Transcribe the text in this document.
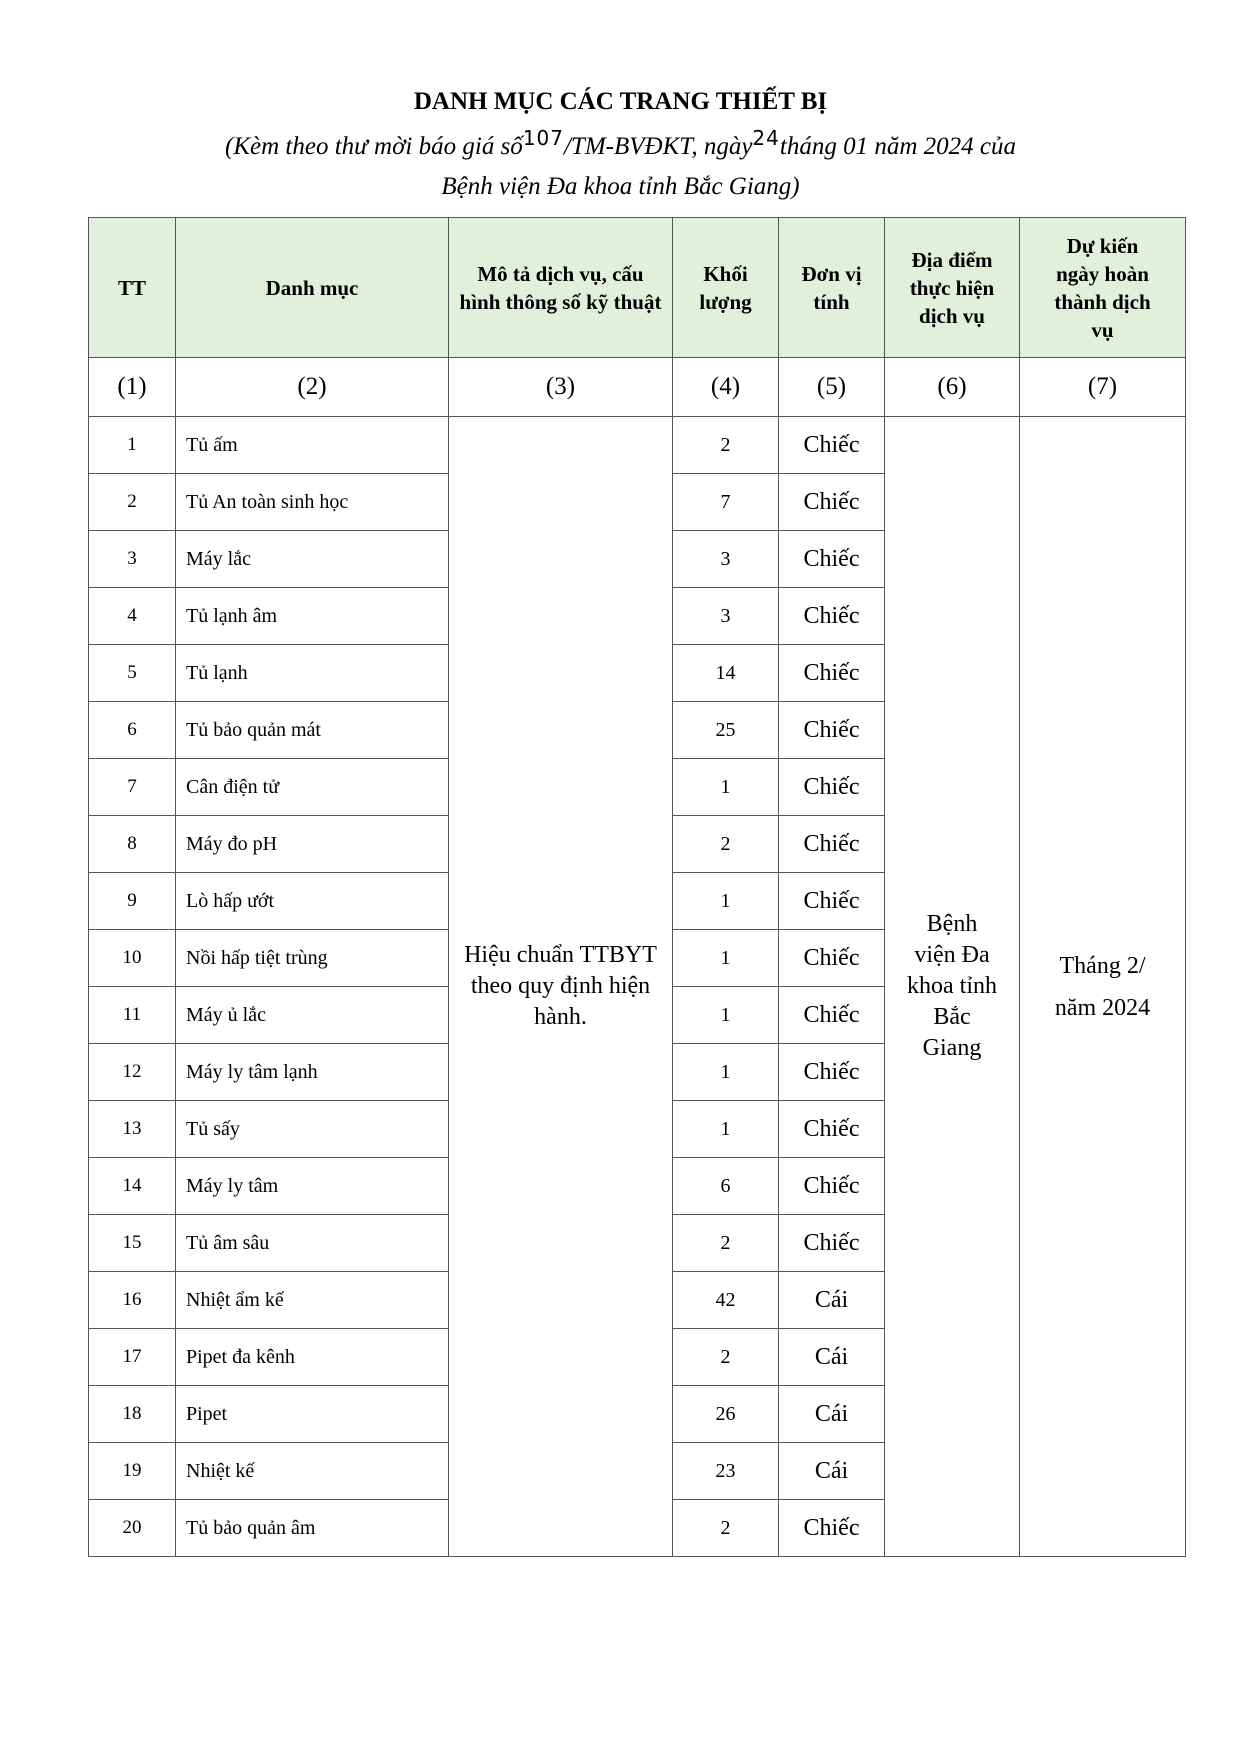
DANH MỤC CÁC TRANG THIẾT BỊ
(Kèm theo thư mời báo giá số$^{107}$/TM-BVĐKT, ngày$^{24}$tháng 01 năm 2024 của
Bệnh viện Đa khoa tỉnh Bắc Giang)
TT	Danh mục	Mô tả dịch vụ, cấu hình thông số kỹ thuật	Khối lượng	Đơn vị tính	Địa điểm thực hiện dịch vụ	Dự kiến ngày hoàn thành dịch vụ
(1)	(2)	(3)	(4)	(5)	(6)	(7)
1	Tủ ấm	Hiệu chuẩn TTBYT theo quy định hiện hành.	2	Chiếc	Bệnh viện Đa khoa tỉnh Bắc Giang	Tháng 2/ năm 2024
2	Tủ An toàn sinh học		7	Chiếc		
3	Máy lắc		3	Chiếc		
4	Tủ lạnh âm		3	Chiếc		
5	Tủ lạnh		14	Chiếc		
6	Tủ bảo quản mát		25	Chiếc		
7	Cân điện tử		1	Chiếc		
8	Máy đo pH		2	Chiếc		
9	Lò hấp ướt		1	Chiếc		
10	Nồi hấp tiệt trùng		1	Chiếc		
11	Máy ủ lắc		1	Chiếc		
12	Máy ly tâm lạnh		1	Chiếc		
13	Tủ sấy		1	Chiếc		
14	Máy ly tâm		6	Chiếc		
15	Tủ âm sâu		2	Chiếc		
16	Nhiệt ẩm kế		42	Cái		
17	Pipet đa kênh		2	Cái		
18	Pipet		26	Cái		
19	Nhiệt kế		23	Cái		
20	Tủ bảo quản âm		2	Chiếc		
